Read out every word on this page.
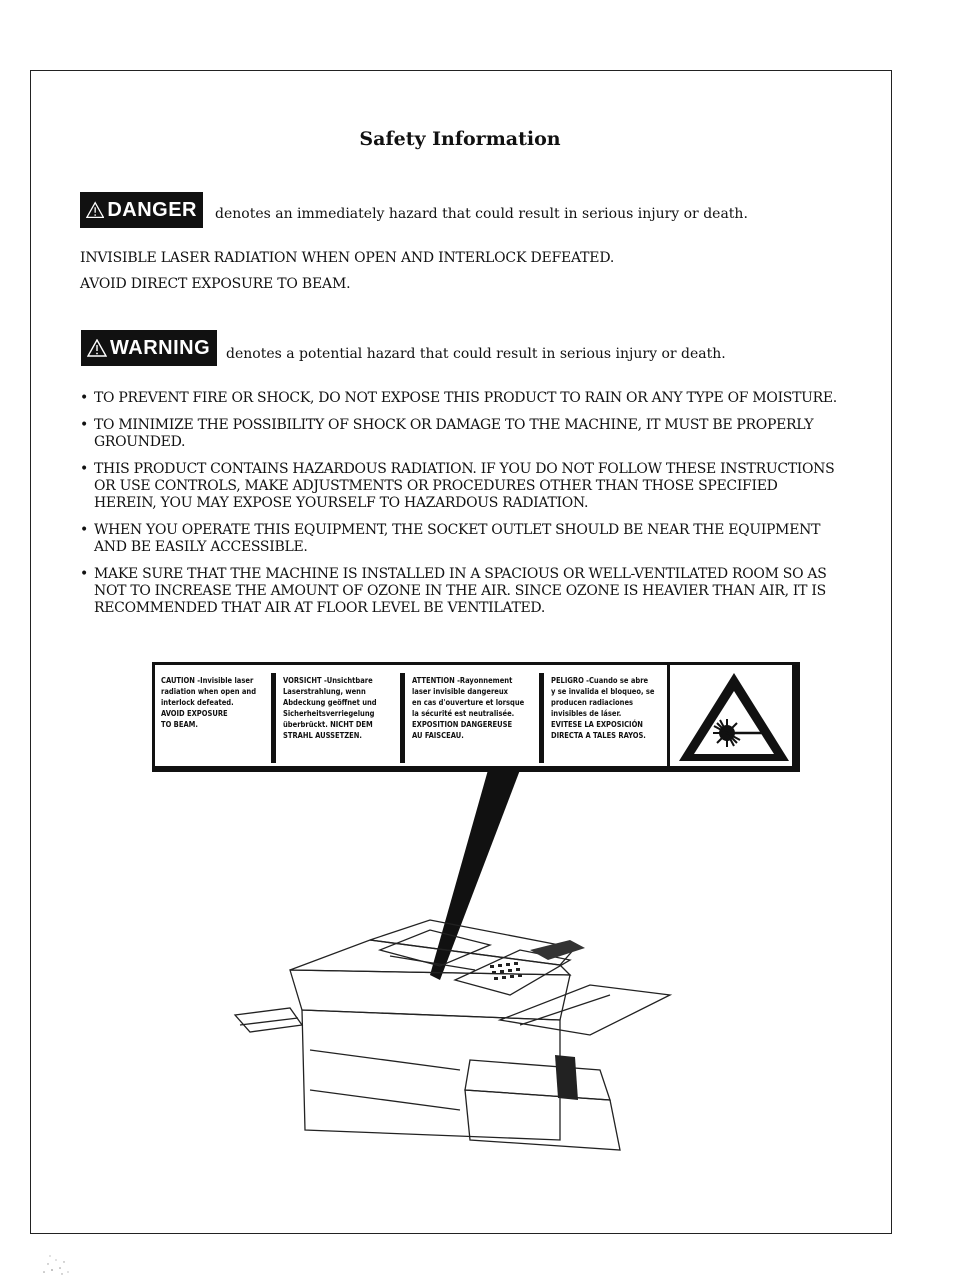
Safety Information
DANGER denotes an immediately hazard that could result in serious injury or death.
INVISIBLE LASER RADIATION WHEN OPEN AND INTERLOCK DEFEATED.
AVOID DIRECT EXPOSURE TO BEAM.
WARNING denotes a potential hazard that could result in serious injury or death.
• TO PREVENT FIRE OR SHOCK, DO NOT EXPOSE THIS PRODUCT TO RAIN OR ANY TYPE OF MOISTURE.
• TO MINIMIZE THE POSSIBILITY OF SHOCK OR DAMAGE TO THE MACHINE, IT MUST BE PROPERLY GROUNDED.
• THIS PRODUCT CONTAINS HAZARDOUS RADIATION. IF YOU DO NOT FOLLOW THESE INSTRUCTIONS OR USE CONTROLS, MAKE ADJUSTMENTS OR PROCEDURES OTHER THAN THOSE SPECIFIED HEREIN, YOU MAY EXPOSE YOURSELF TO HAZARDOUS RADIATION.
• WHEN YOU OPERATE THIS EQUIPMENT, THE SOCKET OUTLET SHOULD BE NEAR THE EQUIPMENT AND BE EASILY ACCESSIBLE.
• MAKE SURE THAT THE MACHINE IS INSTALLED IN A SPACIOUS OR WELL-VENTILATED ROOM SO AS NOT TO INCREASE THE AMOUNT OF OZONE IN THE AIR. SINCE OZONE IS HEAVIER THAN AIR, IT IS RECOMMENDED THAT AIR AT FLOOR LEVEL BE VENTILATED.
CAUTION -Invisible laser
radiation when open and
interlock defeated.
AVOID EXPOSURE
TO BEAM.
VORSICHT -Unsichtbare
Laserstrahlung, wenn
Abdeckung geöffnet und
Sicherheitsverriegelung
überbrückt. NICHT DEM
STRAHL AUSSETZEN.
ATTENTION -Rayonnement
laser invisible dangereux
en cas d'ouverture et lorsque
la sécurité est neutralisée.
EXPOSITION DANGEREUSE
AU FAISCEAU.
PELIGRO -Cuando se abre
y se invalida el bloqueo, se
producen radiaciones
invisibles de láser.
EVITESE LA EXPOSICIÓN
DIRECTA A TALES RAYOS.
